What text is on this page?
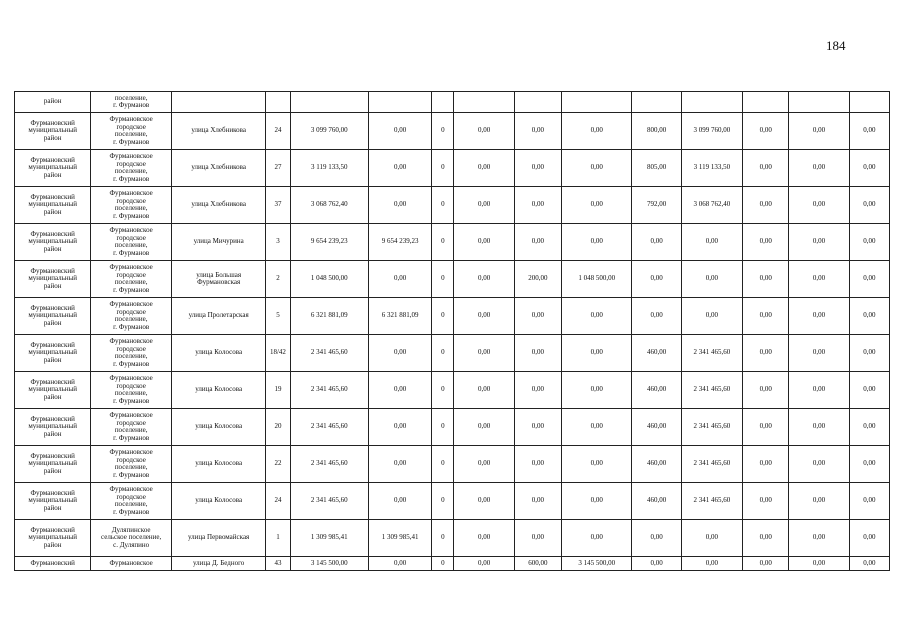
184
район	поселение,
г. Фурманов													
Фурмановский
муниципальный
район	Фурмановское
городское
поселение,
г. Фурманов	улица Хлебникова	24	3 099 760,00	0,00	0	0,00	0,00	0,00	800,00	3 099 760,00	0,00	0,00	0,00
Фурмановский
муниципальный
район	Фурмановское
городское
поселение,
г. Фурманов	улица Хлебникова	27	3 119 133,50	0,00	0	0,00	0,00	0,00	805,00	3 119 133,50	0,00	0,00	0,00
Фурмановский
муниципальный
район	Фурмановское
городское
поселение,
г. Фурманов	улица Хлебникова	37	3 068 762,40	0,00	0	0,00	0,00	0,00	792,00	3 068 762,40	0,00	0,00	0,00
Фурмановский
муниципальный
район	Фурмановское
городское
поселение,
г. Фурманов	улица Мичурина	3	9 654 239,23	9 654 239,23	0	0,00	0,00	0,00	0,00	0,00	0,00	0,00	0,00
Фурмановский
муниципальный
район	Фурмановское
городское
поселение,
г. Фурманов	улица Большая
Фурмановская	2	1 048 500,00	0,00	0	0,00	200,00	1 048 500,00	0,00	0,00	0,00	0,00	0,00
Фурмановский
муниципальный
район	Фурмановское
городское
поселение,
г. Фурманов	улица Пролетарская	5	6 321 881,09	6 321 881,09	0	0,00	0,00	0,00	0,00	0,00	0,00	0,00	0,00
Фурмановский
муниципальный
район	Фурмановское
городское
поселение,
г. Фурманов	улица Колосова	18/42	2 341 465,60	0,00	0	0,00	0,00	0,00	460,00	2 341 465,60	0,00	0,00	0,00
Фурмановский
муниципальный
район	Фурмановское
городское
поселение,
г. Фурманов	улица Колосова	19	2 341 465,60	0,00	0	0,00	0,00	0,00	460,00	2 341 465,60	0,00	0,00	0,00
Фурмановский
муниципальный
район	Фурмановское
городское
поселение,
г. Фурманов	улица Колосова	20	2 341 465,60	0,00	0	0,00	0,00	0,00	460,00	2 341 465,60	0,00	0,00	0,00
Фурмановский
муниципальный
район	Фурмановское
городское
поселение,
г. Фурманов	улица Колосова	22	2 341 465,60	0,00	0	0,00	0,00	0,00	460,00	2 341 465,60	0,00	0,00	0,00
Фурмановский
муниципальный
район	Фурмановское
городское
поселение,
г. Фурманов	улица Колосова	24	2 341 465,60	0,00	0	0,00	0,00	0,00	460,00	2 341 465,60	0,00	0,00	0,00
Фурмановский
муниципальный
район	Дуляпинское
сельское поселение,
с. Дуляпино	улица Первомайская	1	1 309 985,41	1 309 985,41	0	0,00	0,00	0,00	0,00	0,00	0,00	0,00	0,00
Фурмановский	Фурмановское	улица Д. Бедного	43	3 145 500,00	0,00	0	0,00	600,00	3 145 500,00	0,00	0,00	0,00	0,00	0,00
